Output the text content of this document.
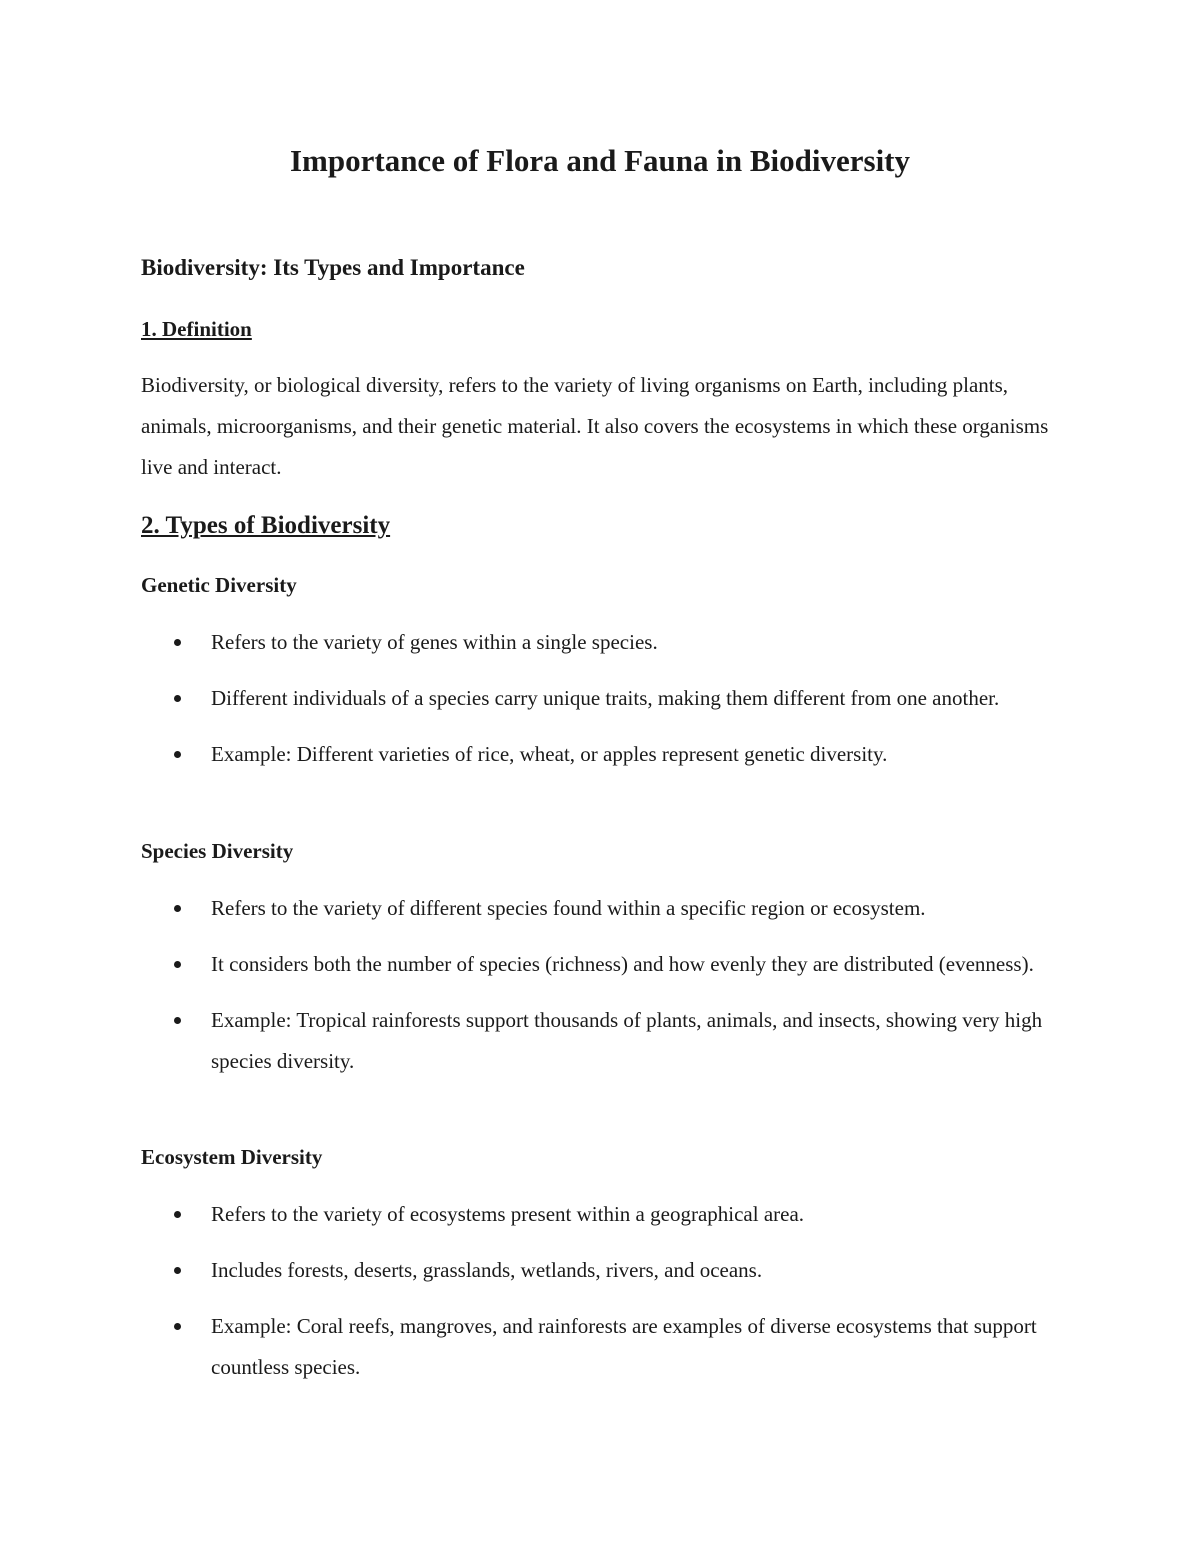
Importance of Flora and Fauna in Biodiversity
Biodiversity: Its Types and Importance
1. Definition

Biodiversity, or biological diversity, refers to the variety of living organisms on Earth, including plants, animals, microorganisms, and their genetic material. It also covers the ecosystems in which these organisms live and interact.

2. Types of Biodiversity
Genetic Diversity
Refers to the variety of genes within a single species.
Different individuals of a species carry unique traits, making them different from one another.
Example: Different varieties of rice, wheat, or apples represent genetic diversity.
Species Diversity
Refers to the variety of different species found within a specific region or ecosystem.
It considers both the number of species (richness) and how evenly they are distributed (evenness).
Example: Tropical rainforests support thousands of plants, animals, and insects, showing very high species diversity.
Ecosystem Diversity
Refers to the variety of ecosystems present within a geographical area.
Includes forests, deserts, grasslands, wetlands, rivers, and oceans.
Example: Coral reefs, mangroves, and rainforests are examples of diverse ecosystems that support countless species.
